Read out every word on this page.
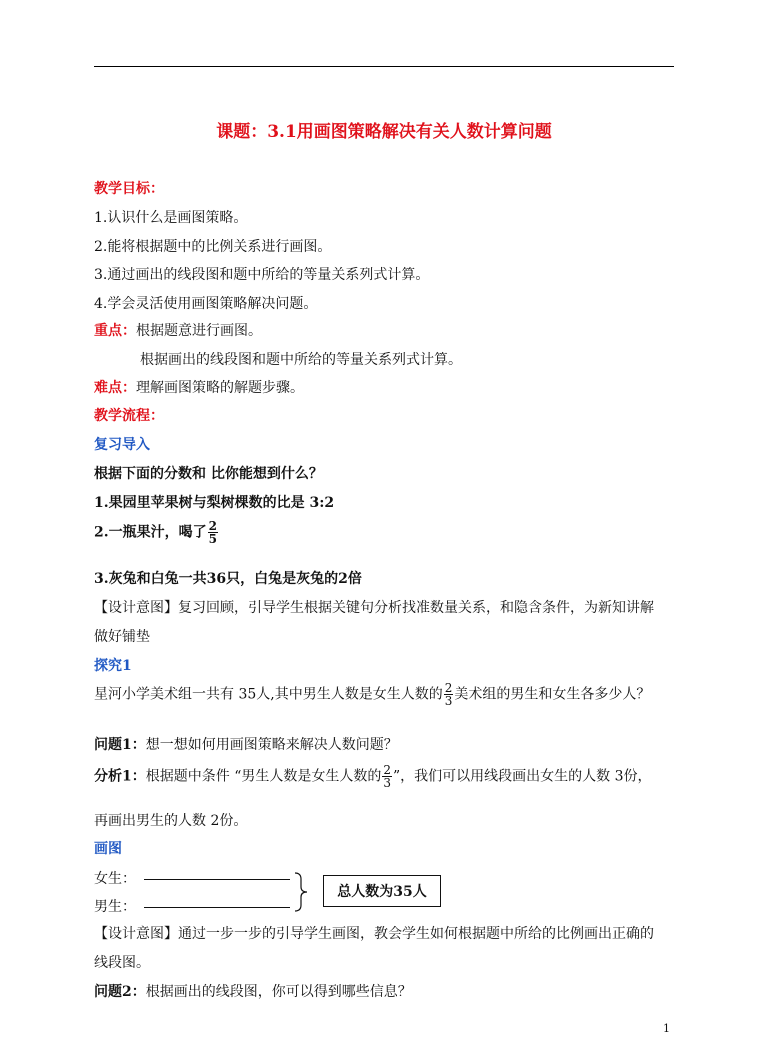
课题：3.1用画图策略解决有关人数计算问题
教学目标：
1.认识什么是画图策略。
2.能将根据题中的比例关系进行画图。
3.通过画出的线段图和题中所给的等量关系列式计算。
4.学会灵活使用画图策略解决问题。
重点：根据题意进行画图。
根据画出的线段图和题中所给的等量关系列式计算。
难点：理解画图策略的解题步骤。
教学流程：
复习导入
根据下面的分数和 比你能想到什么？
1.果园里苹果树与梨树棵数的比是 3:2
2.一瓶果汁，喝了 $\frac{2}{5}$
3.灰兔和白兔一共36只，白兔是灰兔的2倍
【设计意图】复习回顾，引导学生根据关键句分析找准数量关系，和隐含条件，为新知讲解
做好铺垫
探究1
星河小学美术组一共有 35人,其中男生人数是女生人数的 $\frac{2}{3}$ 美术组的男生和女生各多少人？
问题1：想一想如何用画图策略来解决人数问题？
分析1：根据题中条件 “男生人数是女生人数的 $\frac{2}{3}$ ”，我们可以用线段画出女生的人数 3份，
再画出男生的人数 2份。
画图
女生：
男生：
总人数为35人
【设计意图】通过一步一步的引导学生画图，教会学生如何根据题中所给的比例画出正确的
线段图。
问题2：根据画出的线段图，你可以得到哪些信息？
1
